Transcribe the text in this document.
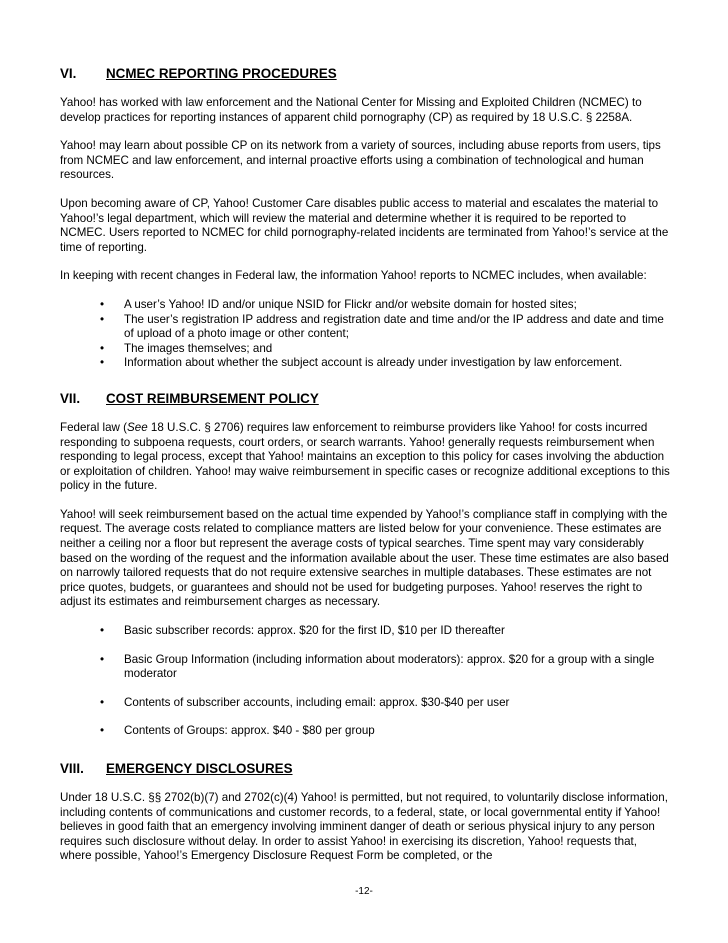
VI.	NCMEC REPORTING PROCEDURES

Yahoo! has worked with law enforcement and the National Center for Missing and Exploited Children (NCMEC) to develop practices for reporting instances of apparent child pornography (CP) as required by 18 U.S.C. § 2258A.

Yahoo! may learn about possible CP on its network from a variety of sources, including abuse reports from users, tips from NCMEC and law enforcement, and internal proactive efforts using a combination of technological and human resources.

Upon becoming aware of CP, Yahoo! Customer Care disables public access to material and escalates the material to Yahoo!’s legal department, which will review the material and determine whether it is required to be reported to NCMEC. Users reported to NCMEC for child pornography-related incidents are terminated from Yahoo!’s service at the time of reporting.

In keeping with recent changes in Federal law, the information Yahoo! reports to NCMEC includes, when available:

• A user’s Yahoo! ID and/or unique NSID for Flickr and/or website domain for hosted sites;
• The user’s registration IP address and registration date and time and/or the IP address and date and time of upload of a photo image or other content;
• The images themselves; and
• Information about whether the subject account is already under investigation by law enforcement.
VII.	COST REIMBURSEMENT POLICY

Federal law (See 18 U.S.C. § 2706) requires law enforcement to reimburse providers like Yahoo! for costs incurred responding to subpoena requests, court orders, or search warrants. Yahoo! generally requests reimbursement when responding to legal process, except that Yahoo! maintains an exception to this policy for cases involving the abduction or exploitation of children. Yahoo! may waive reimbursement in specific cases or recognize additional exceptions to this policy in the future.

Yahoo! will seek reimbursement based on the actual time expended by Yahoo!’s compliance staff in complying with the request. The average costs related to compliance matters are listed below for your convenience. These estimates are neither a ceiling nor a floor but represent the average costs of typical searches. Time spent may vary considerably based on the wording of the request and the information available about the user. These time estimates are also based on narrowly tailored requests that do not require extensive searches in multiple databases. These estimates are not price quotes, budgets, or guarantees and should not be used for budgeting purposes. Yahoo! reserves the right to adjust its estimates and reimbursement charges as necessary.

• Basic subscriber records: approx. $20 for the first ID, $10 per ID thereafter
• Basic Group Information (including information about moderators): approx. $20 for a group with a single moderator
• Contents of subscriber accounts, including email: approx. $30-$40 per user
• Contents of Groups: approx. $40 - $80 per group
VIII.	EMERGENCY DISCLOSURES

Under 18 U.S.C. §§ 2702(b)(7) and 2702(c)(4) Yahoo! is permitted, but not required, to voluntarily disclose information, including contents of communications and customer records, to a federal, state, or local governmental entity if Yahoo! believes in good faith that an emergency involving imminent danger of death or serious physical injury to any person requires such disclosure without delay. In order to assist Yahoo! in exercising its discretion, Yahoo! requests that, where possible, Yahoo!’s Emergency Disclosure Request Form be completed, or the

-12-
